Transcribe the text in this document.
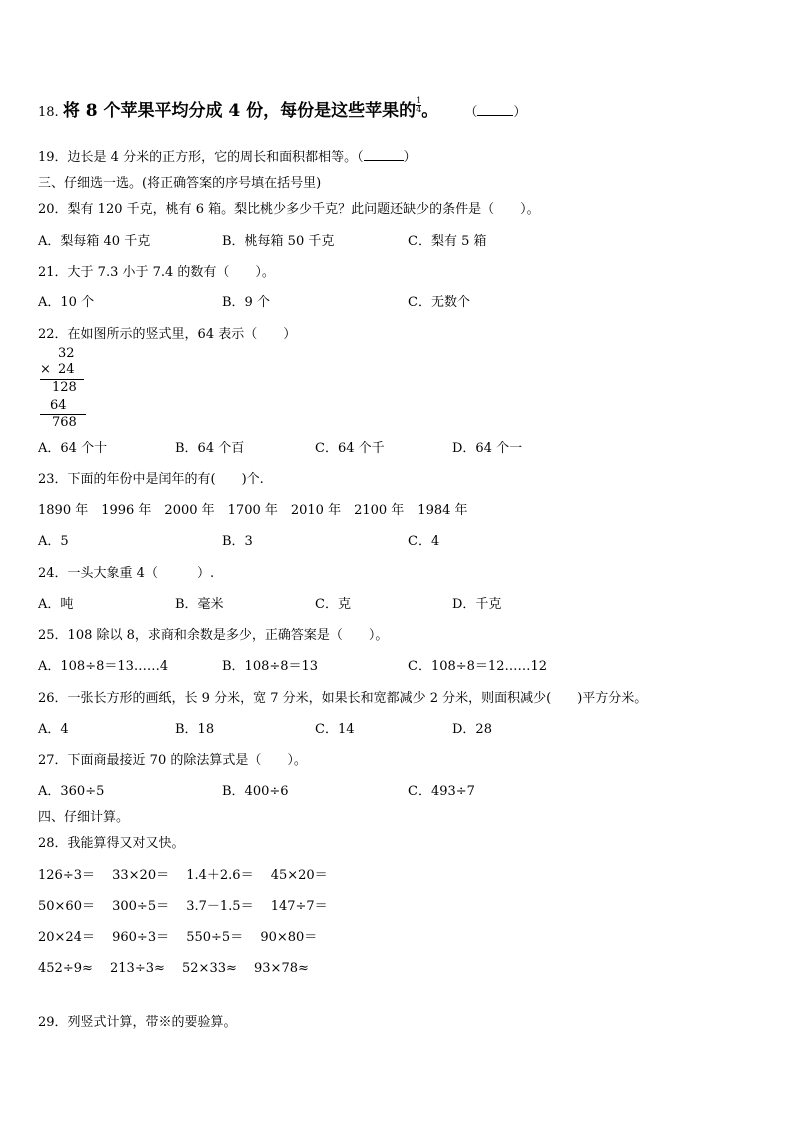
18. 将 8 个苹果平均分成 4 份，每份是这些苹果的 $\frac{1}{4}$ 。 （	）
19．边长是 4 分米的正方形，它的周长和面积都相等。（	）
三、仔细选一选。(将正确答案的序号填在括号里)
20．梨有 120 千克，桃有 6 箱。梨比桃少多少千克？此问题还缺少的条件是（　　）。
A．梨每箱 40 千克	B．桃每箱 50 千克	C．梨有 5 箱
21．大于 7.3 小于 7.4 的数有（　　）。
A．10 个	B．9 个	C．无数个
22．在如图所示的竖式里，64 表示（　　）
32
× 24
128
64
768
A．64 个十	B．64 个百	C．64 个千	D．64 个一
23．下面的年份中是闰年的有(　　)个.
1890 年　1996 年　2000 年　1700 年　2010 年　2100 年　1984 年
A．5	B．3	C．4
24．一头大象重 4（　　　）.
A．吨	B．毫米	C．克	D．千克
25．108 除以 8，求商和余数是多少，正确答案是（　　）。
A．108÷8＝13……4	B．108÷8＝13	C．108÷8＝12……12
26．一张长方形的画纸，长 9 分米，宽 7 分米，如果长和宽都减少 2 分米，则面积减少(　　)平方分米。
A．4	B．18	C．14	D．28
27．下面商最接近 70 的除法算式是（　　）。
A．360÷5	B．400÷6	C．493÷7
四、仔细计算。
28．我能算得又对又快。
126÷3＝　 33×20＝　 1.4＋2.6＝　 45×20＝
50×60＝　 300÷5＝　 3.7－1.5＝　 147÷7＝
20×24＝　 960÷3＝　 550÷5＝　 90×80＝
452÷9≈　 213÷3≈　 52×33≈　 93×78≈
29．列竖式计算，带※的要验算。
